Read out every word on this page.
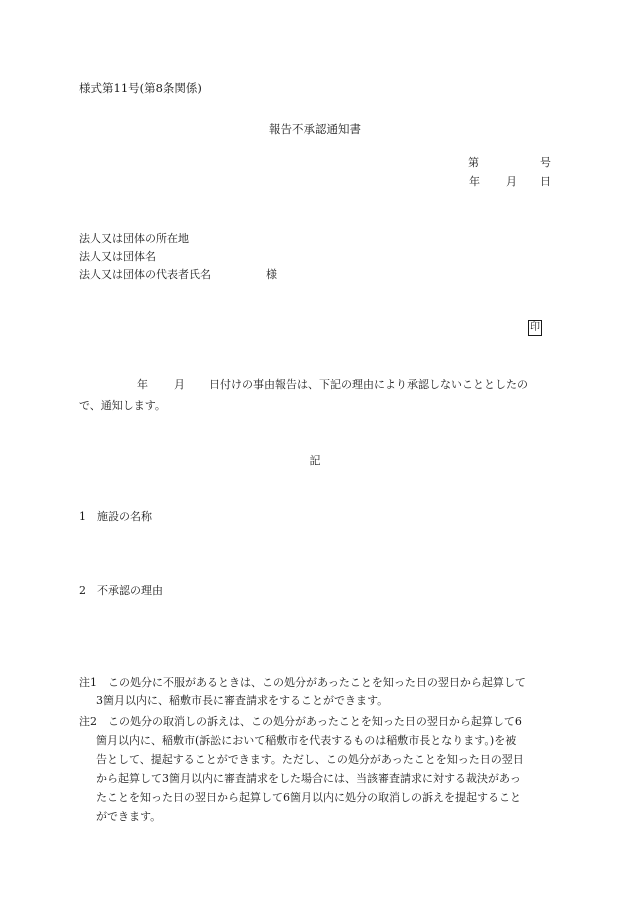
様式第11号(第8条関係)
報告不承認通知書
第	号
年 月 日
法人又は団体の所在地
法人又は団体名
法人又は団体の代表者氏名	様
印
年 月 日付けの事由報告は、下記の理由により承認しないこととしたの
で、通知します。
記
1　施設の名称
2　不承認の理由
注1 この処分に不服があるときは、この処分があったことを知った日の翌日から起算して
3箇月以内に、稲敷市長に審査請求をすることができます。
注2 この処分の取消しの訴えは、この処分があったことを知った日の翌日から起算して6
箇月以内に、稲敷市(訴訟において稲敷市を代表するものは稲敷市長となります。)を被
告として、提起することができます。ただし、この処分があったことを知った日の翌日
から起算して3箇月以内に審査請求をした場合には、当該審査請求に対する裁決があっ
たことを知った日の翌日から起算して6箇月以内に処分の取消しの訴えを提起すること
ができます。
